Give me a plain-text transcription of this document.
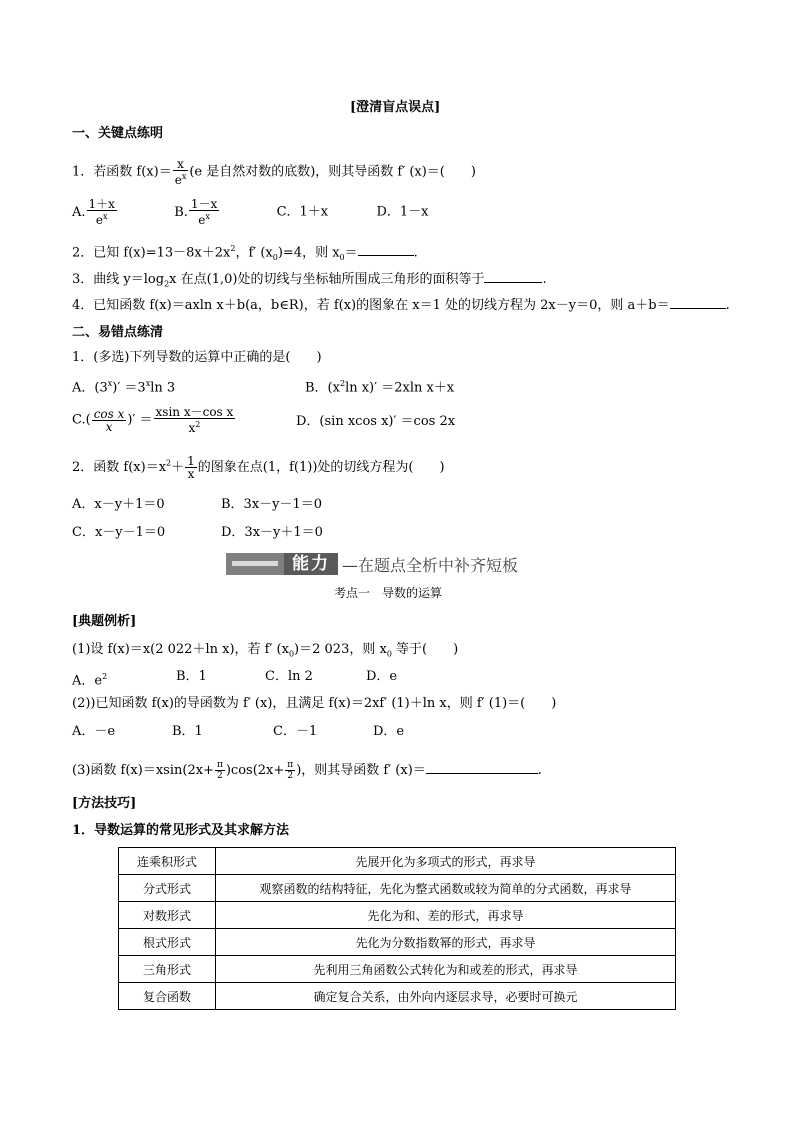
[澄清盲点误点]
一、关键点练明
1．若函数 $f(x)= \frac{x}{e^x} (e$ 是自然对数的底数)，则其导函数 f′ (x)＝(　　)
A. $\frac{1+x}{e^x}$	B. $\frac{1-x}{e^x}$	C．1＋x	D．1－x
2．已知 $f(x)=13-8x+2x^2$，f′ $(x_0)=4$，则 $x_0=$	.
3．曲线 $y=\log_2x$ 在点(1,0)处的切线与坐标轴所围成三角形的面积等于	.
4．已知函数 f(x)＝axln x＋b(a，b∈R)，若 f(x)的图象在 x＝1 处的切线方程为 2x－y＝0，则 a＋b＝	.
二、易错点练清
1．(多选)下列导数的运算中正确的是(　　)
A．$(3^x)' =3^x\ln$ 3	B．($x^2\ln$ x)′ ＝2xln x＋x
$C.( \frac{\text{cos x}}{x}$ )′ ＝ $\frac{\text{xsin x－cos x}}{x^2}$	D．(sin xcos x)′ ＝cos 2x
2．函数 $f(x)=x^2+ \frac{1}{x}$ 的图象在点(1，f(1))处的切线方程为(　　)
A．x－y＋1＝0	B．3x－y－1＝0
C．x－y－1＝0	D．3x－y＋1＝0
能力 —在题点全析中补齐短板
考点一　导数的运算
[典题例析]
(1)设 f(x)＝x(2 022＋ln x)，若 f′ $(x_0)=2$ 023，则 $x_0$ 等于(　　)
A．$e^2$	B．1	C．ln 2	D．e
(2))已知函数 f(x)的导函数为 f′ (x)，且满足 f(x)＝2xf′ (1)＋ln x，则 f′ (1)＝(　　)
A．－e	B．1	C．－1	D．e
(3)函数 $f(x)=xsin(2x+ \frac{\pi}{2} )\cos(2x+ \frac{\pi}{2}$ )，则其导函数 f′ (x)＝	.
[方法技巧]
1．导数运算的常见形式及其求解方法
连乘积形式	先展开化为多项式的形式，再求导
分式形式	观察函数的结构特征，先化为整式函数或较为简单的分式函数，再求导
对数形式	先化为和、差的形式，再求导
根式形式	先化为分数指数幂的形式，再求导
三角形式	先利用三角函数公式转化为和或差的形式，再求导
复合函数	确定复合关系，由外向内逐层求导，必要时可换元
